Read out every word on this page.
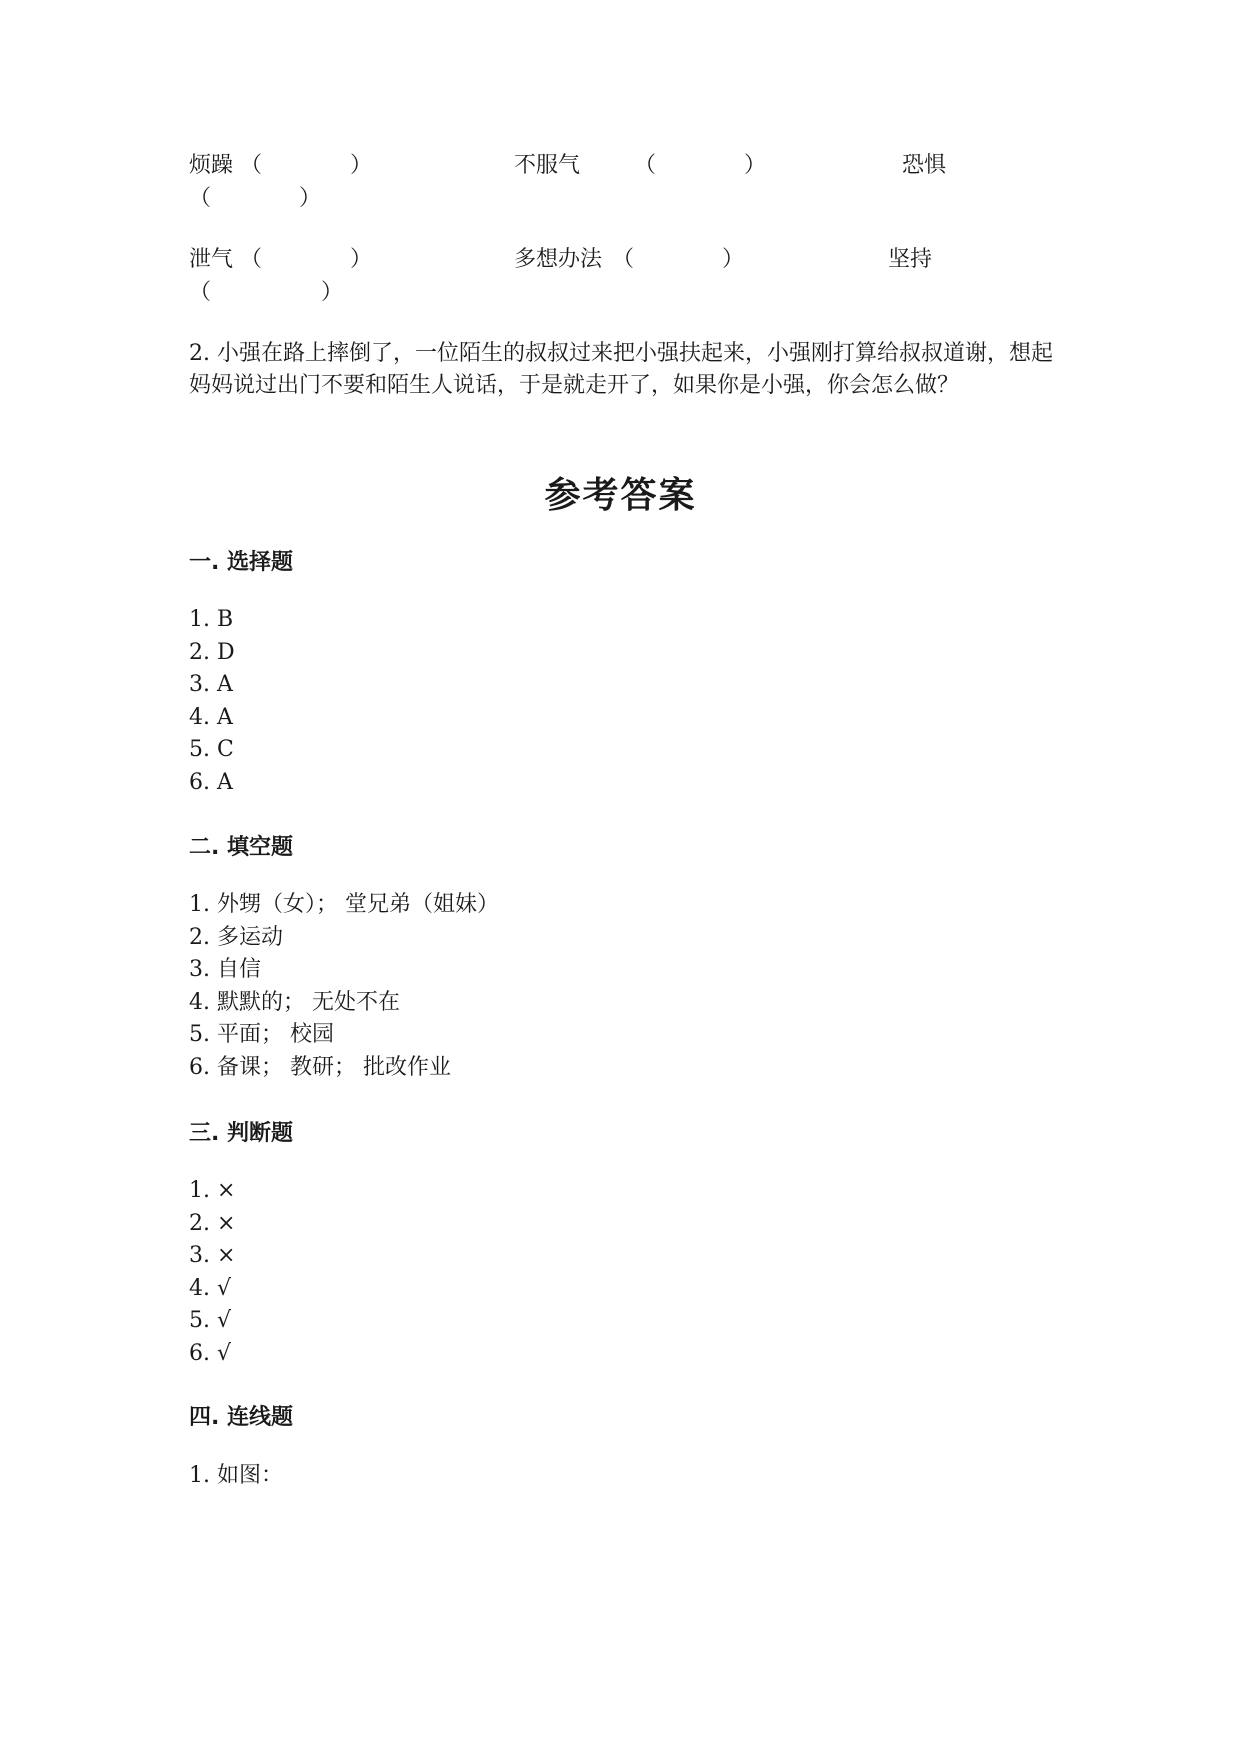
烦躁 （　　　　）	不服气 （　　　　）	恐惧
（　　　　）
泄气 （　　　　）	多想办法 （　　　　）	坚持
（　　　　　）
2. 小强在路上摔倒了，一位陌生的叔叔过来把小强扶起来，小强刚打算给叔叔道谢，想起妈妈说过出门不要和陌生人说话，于是就走开了，如果你是小强，你会怎么做？
参考答案
一. 选择题
1. B
2. D
3. A
4. A
5. C
6. A
二. 填空题
1. 外甥（女）； 堂兄弟（姐妹）
2. 多运动
3. 自信
4. 默默的； 无处不在
5. 平面； 校园
6. 备课； 教研； 批改作业
三. 判断题
1. ×
2. ×
3. ×
4. √
5. √
6. √
四. 连线题
1. 如图：
